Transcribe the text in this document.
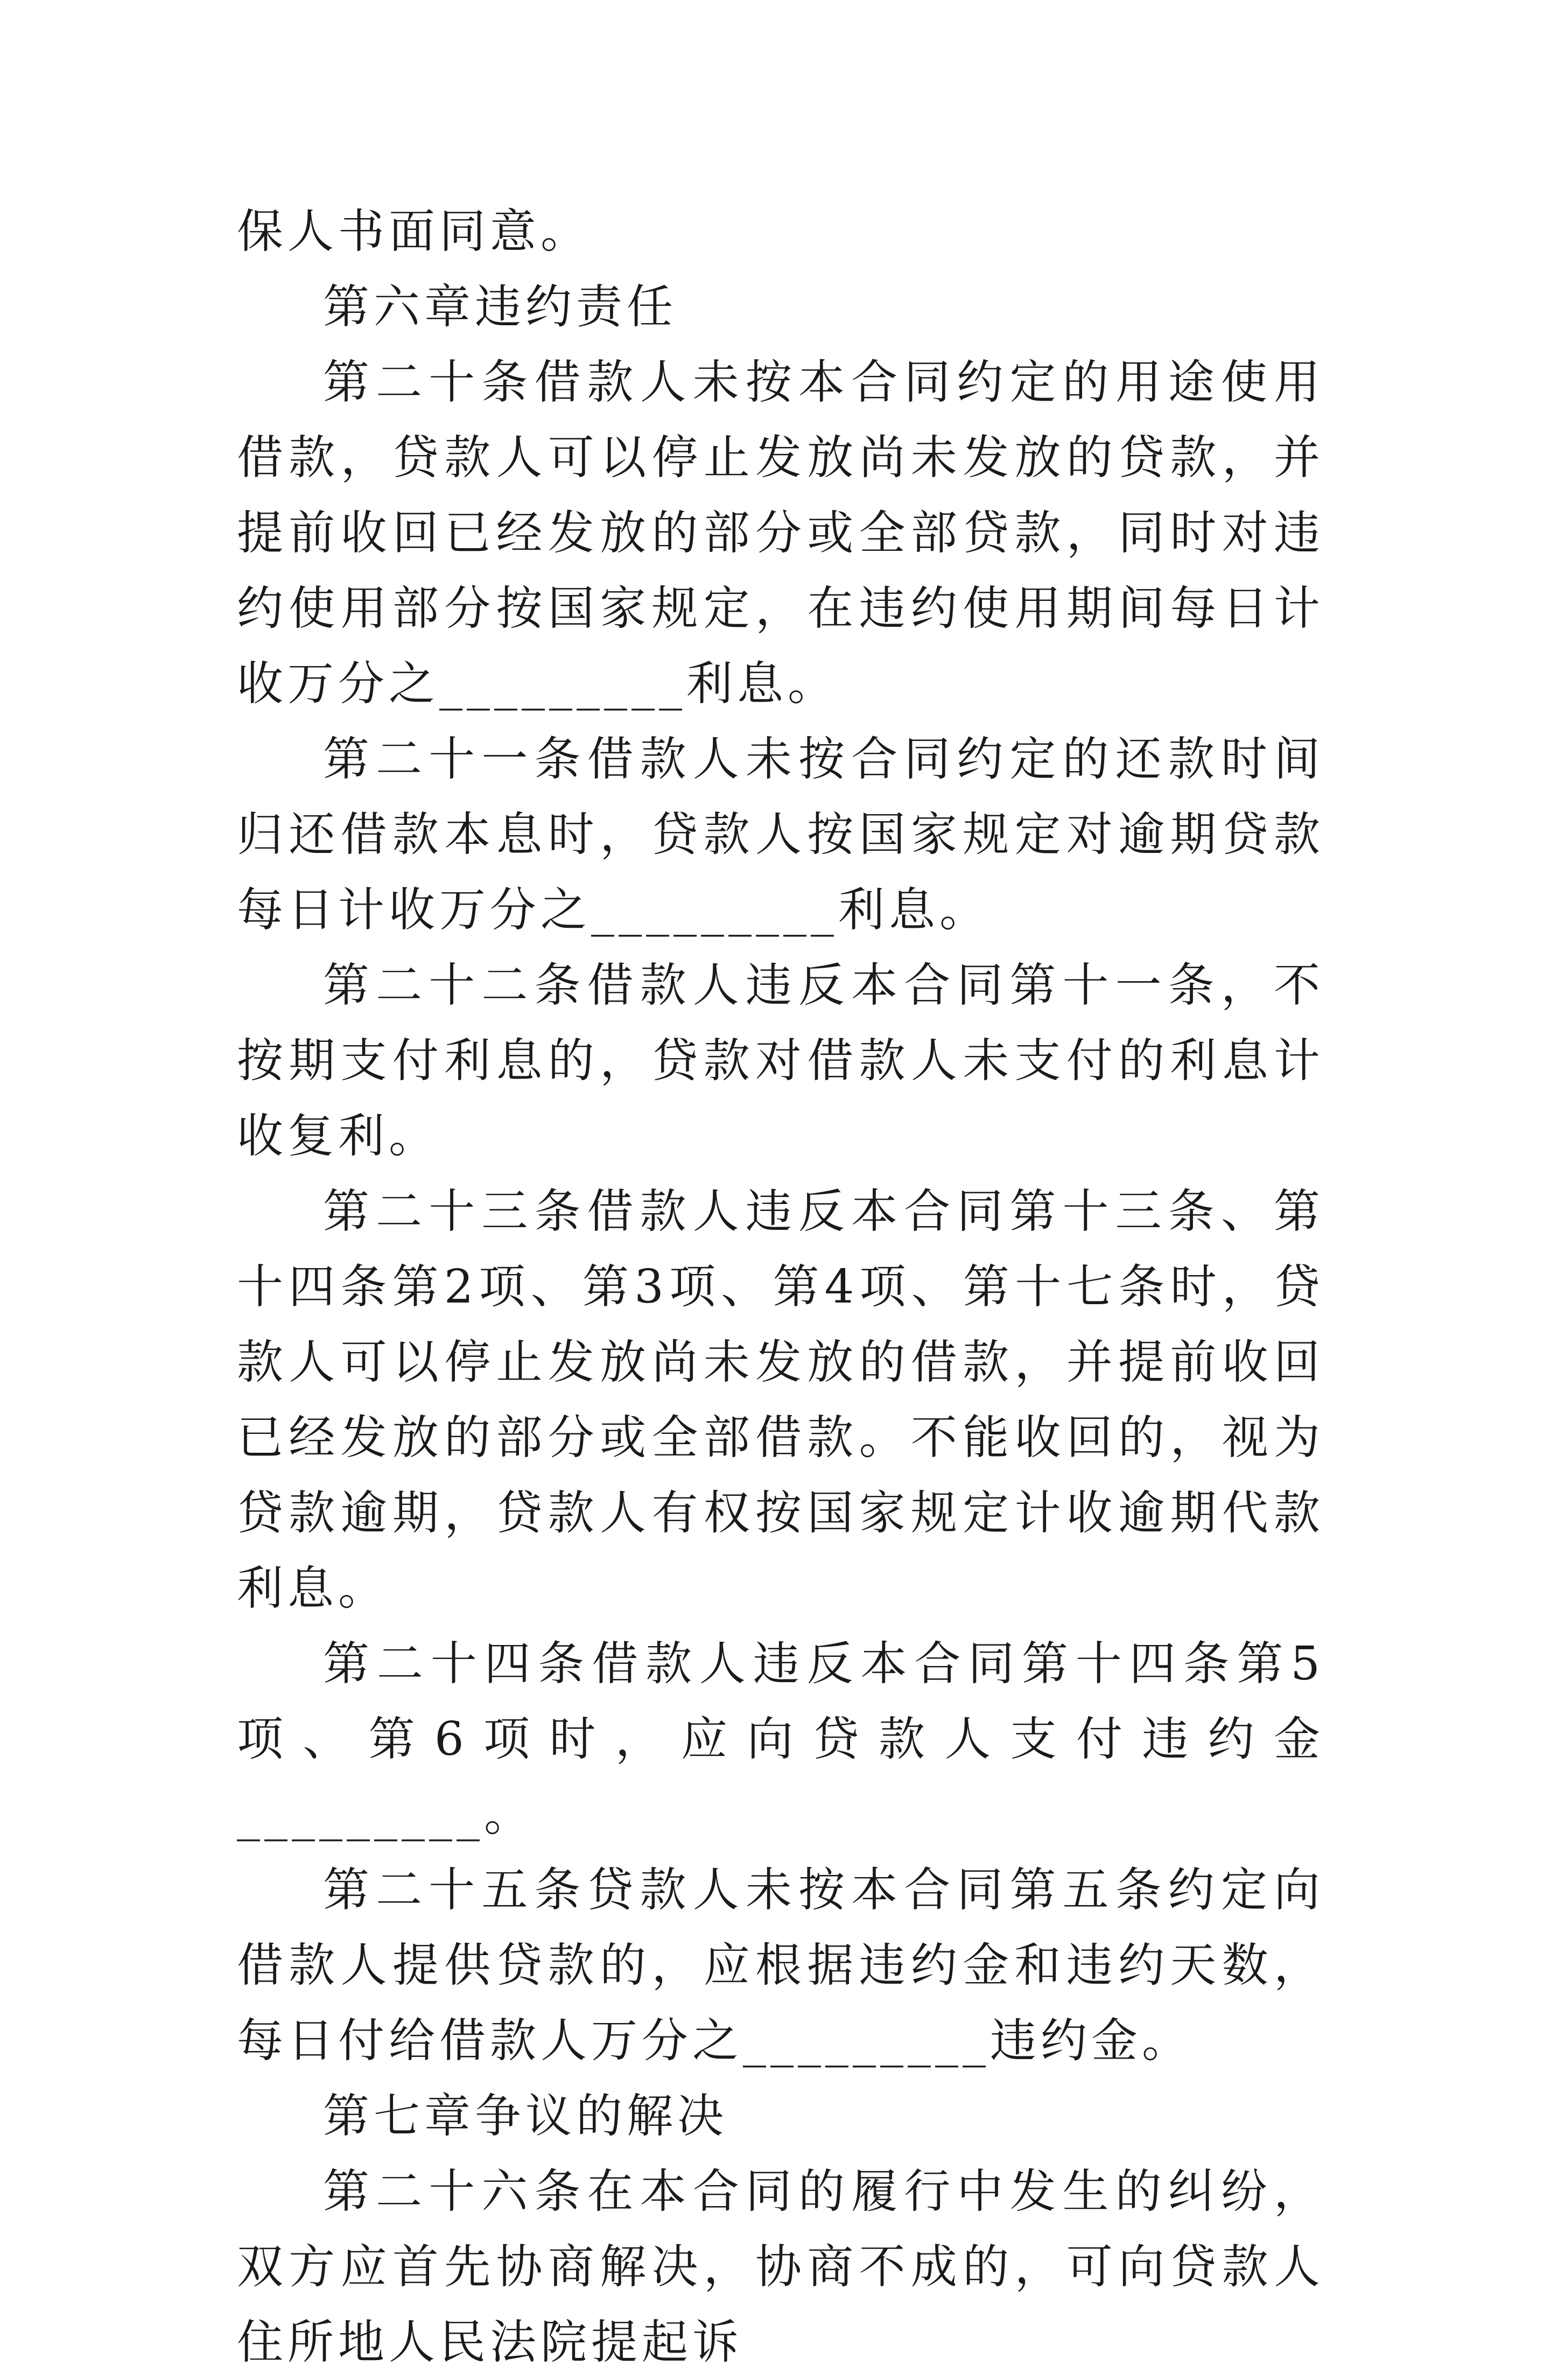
保人书面同意。

第六章违约责任

第二十条借款人未按本合同约定的用途使用借款，贷款人可以停止发放尚未发放的贷款，并提前收回已经发放的部分或全部贷款，同时对违约使用部分按国家规定，在违约使用期间每日计收万分之_________利息。

第二十一条借款人未按合同约定的还款时间归还借款本息时，贷款人按国家规定对逾期贷款每日计收万分之_________利息。

第二十二条借款人违反本合同第十一条，不按期支付利息的，贷款对借款人未支付的利息计收复利。

第二十三条借款人违反本合同第十三条、第十四条第2项、第3项、第4项、第十七条时，贷款人可以停止发放尚未发放的借款，并提前收回已经发放的部分或全部借款。不能收回的，视为贷款逾期，贷款人有权按国家规定计收逾期代款利息。

第二十四条借款人违反本合同第十四条第5项、第6项时，应向贷款人支付违约金_________。

第二十五条贷款人未按本合同第五条约定向借款人提供贷款的，应根据违约金和违约天数，每日付给借款人万分之_________违约金。

第七章争议的解决

第二十六条在本合同的履行中发生的纠纷，双方应首先协商解决，协商不成的，可向贷款人住所地人民法院提起诉
